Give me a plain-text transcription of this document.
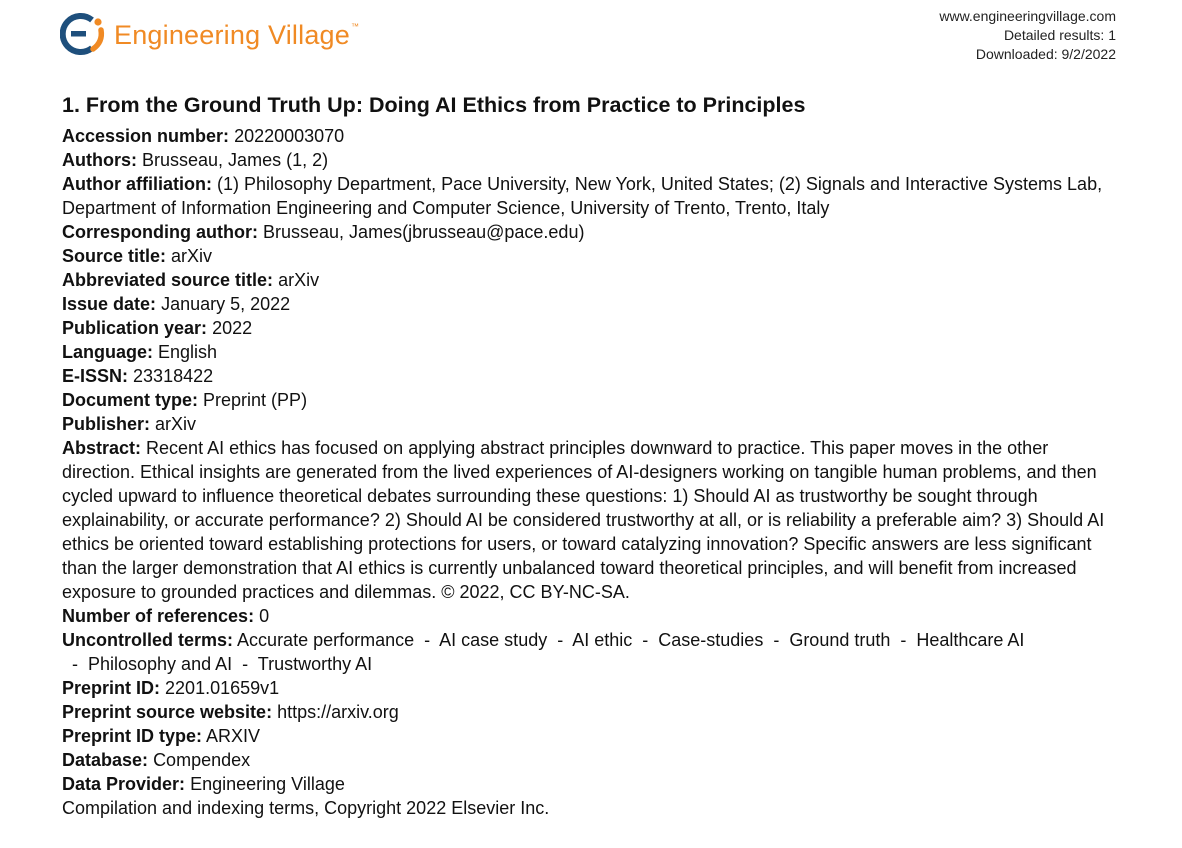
Engineering Village™
www.engineeringvillage.com
Detailed results: 1
Downloaded: 9/2/2022
1. From the Ground Truth Up: Doing AI Ethics from Practice to Principles
Accession number: 20220003070
Authors: Brusseau, James (1, 2)
Author affiliation: (1) Philosophy Department, Pace University, New York, United States; (2) Signals and Interactive Systems Lab, Department of Information Engineering and Computer Science, University of Trento, Trento, Italy
Corresponding author: Brusseau, James(jbrusseau@pace.edu)
Source title: arXiv
Abbreviated source title: arXiv
Issue date: January 5, 2022
Publication year: 2022
Language: English
E-ISSN: 23318422
Document type: Preprint (PP)
Publisher: arXiv
Abstract: Recent AI ethics has focused on applying abstract principles downward to practice. This paper moves in the other direction. Ethical insights are generated from the lived experiences of AI-designers working on tangible human problems, and then cycled upward to influence theoretical debates surrounding these questions: 1) Should AI as trustworthy be sought through explainability, or accurate performance? 2) Should AI be considered trustworthy at all, or is reliability a preferable aim? 3) Should AI ethics be oriented toward establishing protections for users, or toward catalyzing innovation? Specific answers are less significant than the larger demonstration that AI ethics is currently unbalanced toward theoretical principles, and will benefit from increased exposure to grounded practices and dilemmas. © 2022, CC BY-NC-SA.
Number of references: 0
Uncontrolled terms: Accurate performance  -  AI case study  -  AI ethic  -  Case-studies  -  Ground truth  -  Healthcare AI  -  Philosophy and AI  -  Trustworthy AI
Preprint ID: 2201.01659v1
Preprint source website: https://arxiv.org
Preprint ID type: ARXIV
Database: Compendex
Data Provider: Engineering Village
Compilation and indexing terms, Copyright 2022 Elsevier Inc.
